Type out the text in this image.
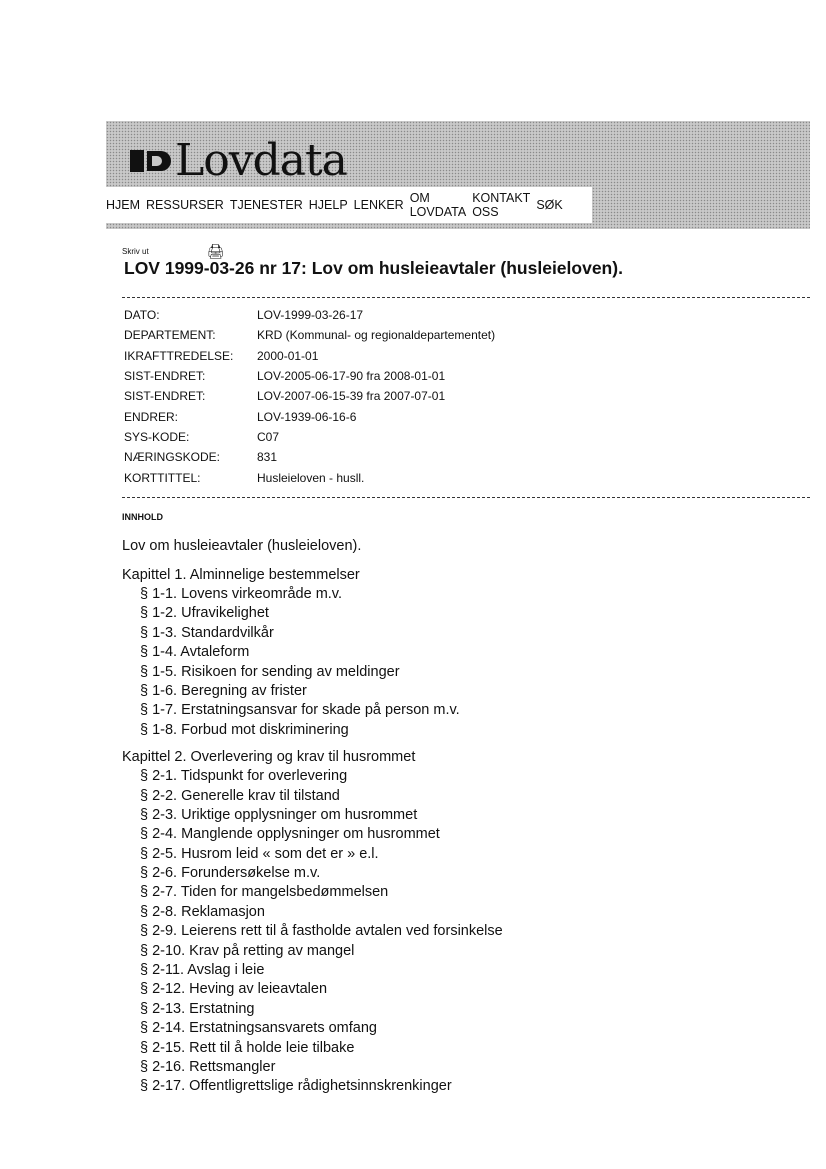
Lovdata
HJEM RESSURSER TJENESTER HJELP LENKER OM
LOVDATA
KONTAKT
OSS	SØK
Skriv ut	🖨
LOV 1999-03-26 nr 17: Lov om husleieavtaler (husleieloven).
DATO:	LOV-1999-03-26-17
DEPARTEMENT:	KRD (Kommunal- og regionaldepartementet)
IKRAFTTREDELSE:	2000-01-01
SIST-ENDRET:	LOV-2005-06-17-90 fra 2008-01-01
SIST-ENDRET:	LOV-2007-06-15-39 fra 2007-07-01
ENDRER:	LOV-1939-06-16-6
SYS-KODE:	C07
NÆRINGSKODE:	831
KORTTITTEL:	Husleieloven - husll.
INNHOLD
Lov om husleieavtaler (husleieloven).
Kapittel 1. Alminnelige bestemmelser
§ 1-1. Lovens virkeområde m.v.
§ 1-2. Ufravikelighet
§ 1-3. Standardvilkår
§ 1-4. Avtaleform
§ 1-5. Risikoen for sending av meldinger
§ 1-6. Beregning av frister
§ 1-7. Erstatningsansvar for skade på person m.v.
§ 1-8. Forbud mot diskriminering
Kapittel 2. Overlevering og krav til husrommet
§ 2-1. Tidspunkt for overlevering
§ 2-2. Generelle krav til tilstand
§ 2-3. Uriktige opplysninger om husrommet
§ 2-4. Manglende opplysninger om husrommet
§ 2-5. Husrom leid « som det er » e.l.
§ 2-6. Forundersøkelse m.v.
§ 2-7. Tiden for mangelsbedømmelsen
§ 2-8. Reklamasjon
§ 2-9. Leierens rett til å fastholde avtalen ved forsinkelse
§ 2-10. Krav på retting av mangel
§ 2-11. Avslag i leie
§ 2-12. Heving av leieavtalen
§ 2-13. Erstatning
§ 2-14. Erstatningsansvarets omfang
§ 2-15. Rett til å holde leie tilbake
§ 2-16. Rettsmangler
§ 2-17. Offentligrettslige rådighetsinnskrenkinger
